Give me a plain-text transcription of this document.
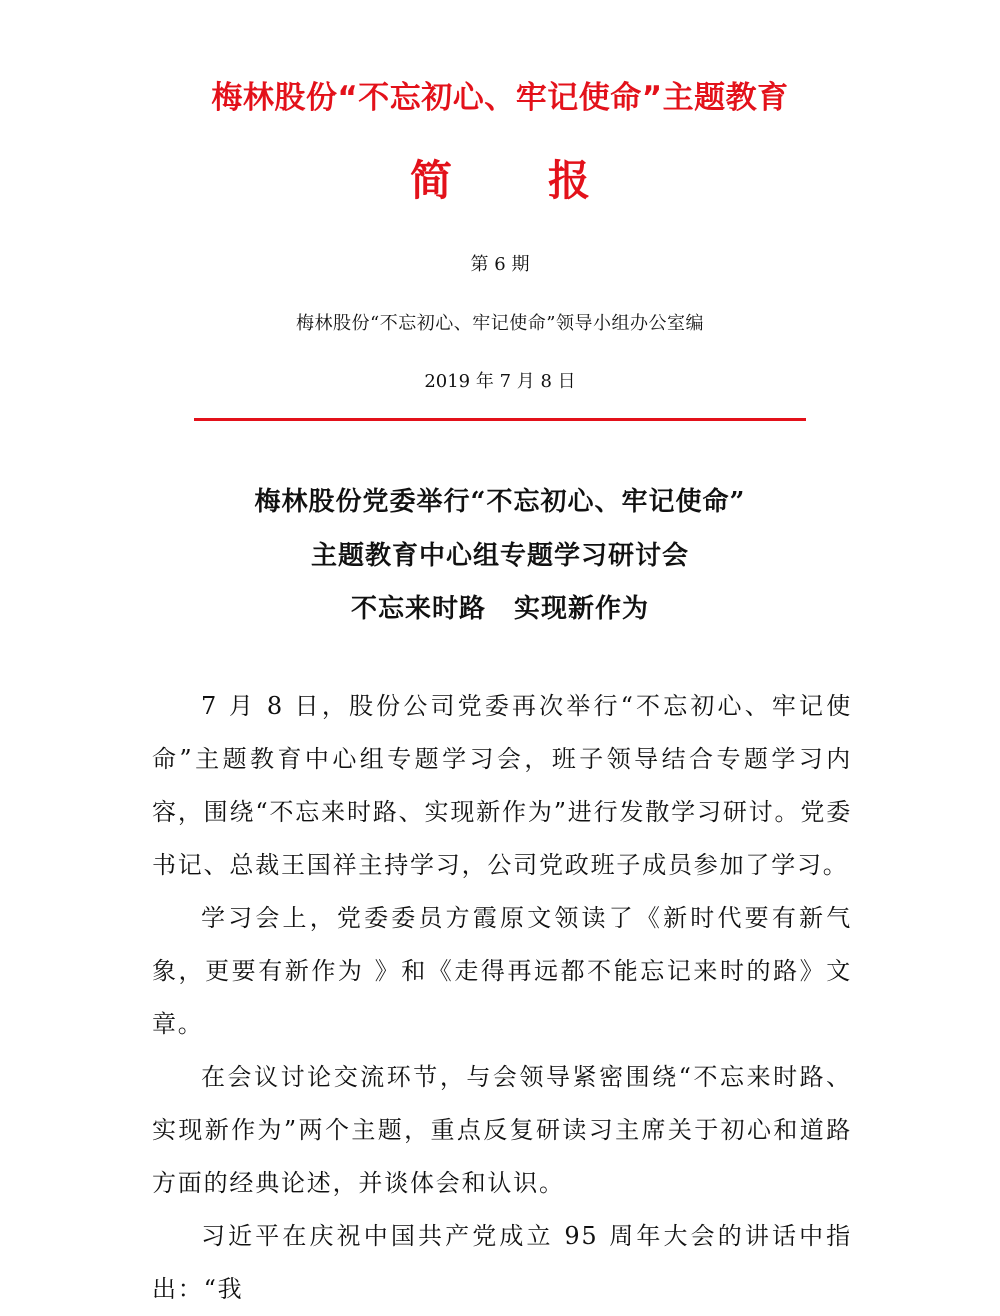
梅林股份“不忘初心、牢记使命”主题教育
简 报
第 6 期
梅林股份“不忘初心、牢记使命”领导小组办公室编
2019 年 7 月 8 日
梅林股份党委举行“不忘初心、牢记使命”
主题教育中心组专题学习研讨会
不忘来时路 实现新作为

7 月 8 日，股份公司党委再次举行“不忘初心、牢记使命”主题教育中心组专题学习会，班子领导结合专题学习内容，围绕“不忘来时路、实现新作为”进行发散学习研讨。党委书记、总裁王国祥主持学习，公司党政班子成员参加了学习。

学习会上，党委委员方霞原文领读了《新时代要有新气象，更要有新作为 》和《走得再远都不能忘记来时的路》文章。

在会议讨论交流环节，与会领导紧密围绕“不忘来时路、实现新作为”两个主题，重点反复研读习主席关于初心和道路方面的经典论述，并谈体会和认识。

习近平在庆祝中国共产党成立 95 周年大会的讲话中指出：“我
